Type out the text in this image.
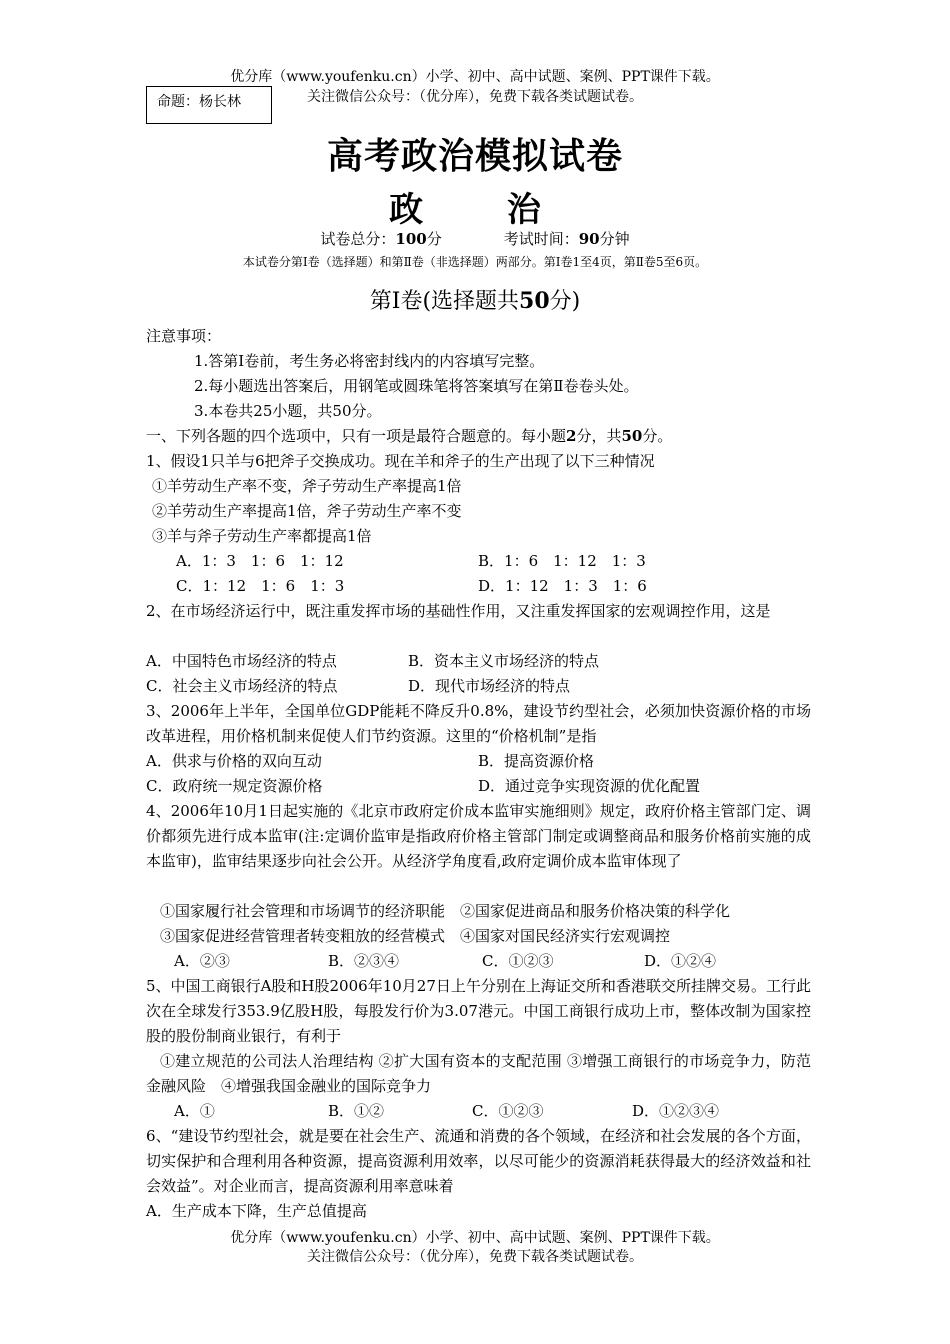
优分库（www.youfenku.cn）小学、初中、高中试题、案例、PPT课件下载。
关注微信公众号：（优分库），免费下载各类试题试卷。
命题：杨长林
高考政治模拟试卷
政  治
试卷总分：100分	考试时间：90分钟
本试卷分第Ⅰ卷（选择题）和第Ⅱ卷（非选择题）两部分。第Ⅰ卷1至4页，第Ⅱ卷5至6页。
第Ⅰ卷(选择题共50分)
注意事项：
1.答第Ⅰ卷前，考生务必将密封线内的内容填写完整。
2.每小题选出答案后，用钢笔或圆珠笔将答案填写在第Ⅱ卷卷头处。
3.本卷共25小题，共50分。
一、下列各题的四个选项中，只有一项是最符合题意的。每小题2分，共50分。
1、假设1只羊与6把斧子交换成功。现在羊和斧子的生产出现了以下三种情况
①羊劳动生产率不变，斧子劳动生产率提高1倍
②羊劳动生产率提高1倍，斧子劳动生产率不变
③羊与斧子劳动生产率都提高1倍
A．1：3　1：6　1：12	B．1：6　1：12　1：3
C．1：12　1：6　1：3	D．1：12　1：3　1：6
2、在市场经济运行中，既注重发挥市场的基础性作用，又注重发挥国家的宏观调控作用，这是
A．中国特色市场经济的特点	B．资本主义市场经济的特点
C．社会主义市场经济的特点	D．现代市场经济的特点
3、2006年上半年，全国单位GDP能耗不降反升0.8%，建设节约型社会，必须加快资源价格的市场改革进程，用价格机制来促使人们节约资源。这里的“价格机制”是指
A．供求与价格的双向互动	B．提高资源价格
C．政府统一规定资源价格	D．通过竞争实现资源的优化配置
4、2006年10月1日起实施的《北京市政府定价成本监审实施细则》规定，政府价格主管部门定、调价都须先进行成本监审(注:定调价监审是指政府价格主管部门制定或调整商品和服务价格前实施的成本监审)，监审结果逐步向社会公开。从经济学角度看,政府定调价成本监审体现了
①国家履行社会管理和市场调节的经济职能　②国家促进商品和服务价格决策的科学化
③国家促进经营管理者转变粗放的经营模式　④国家对国民经济实行宏观调控
A．②③	B．②③④	C．①②③	D．①②④
5、中国工商银行A股和H股2006年10月27日上午分别在上海证交所和香港联交所挂牌交易。工行此次在全球发行353.9亿股H股，每股发行价为3.07港元。中国工商银行成功上市，整体改制为国家控股的股份制商业银行，有利于
①建立规范的公司法人治理结构 ②扩大国有资本的支配范围 ③增强工商银行的市场竞争力，防范金融风险　④增强我国金融业的国际竞争力
A．①	B．①②	C．①②③	D．①②③④
6、“建设节约型社会，就是要在社会生产、流通和消费的各个领域，在经济和社会发展的各个方面，切实保护和合理利用各种资源，提高资源利用效率，以尽可能少的资源消耗获得最大的经济效益和社会效益”。对企业而言，提高资源利用率意味着
A．生产成本下降，生产总值提高
优分库（www.youfenku.cn）小学、初中、高中试题、案例、PPT课件下载。
关注微信公众号：（优分库），免费下载各类试题试卷。
